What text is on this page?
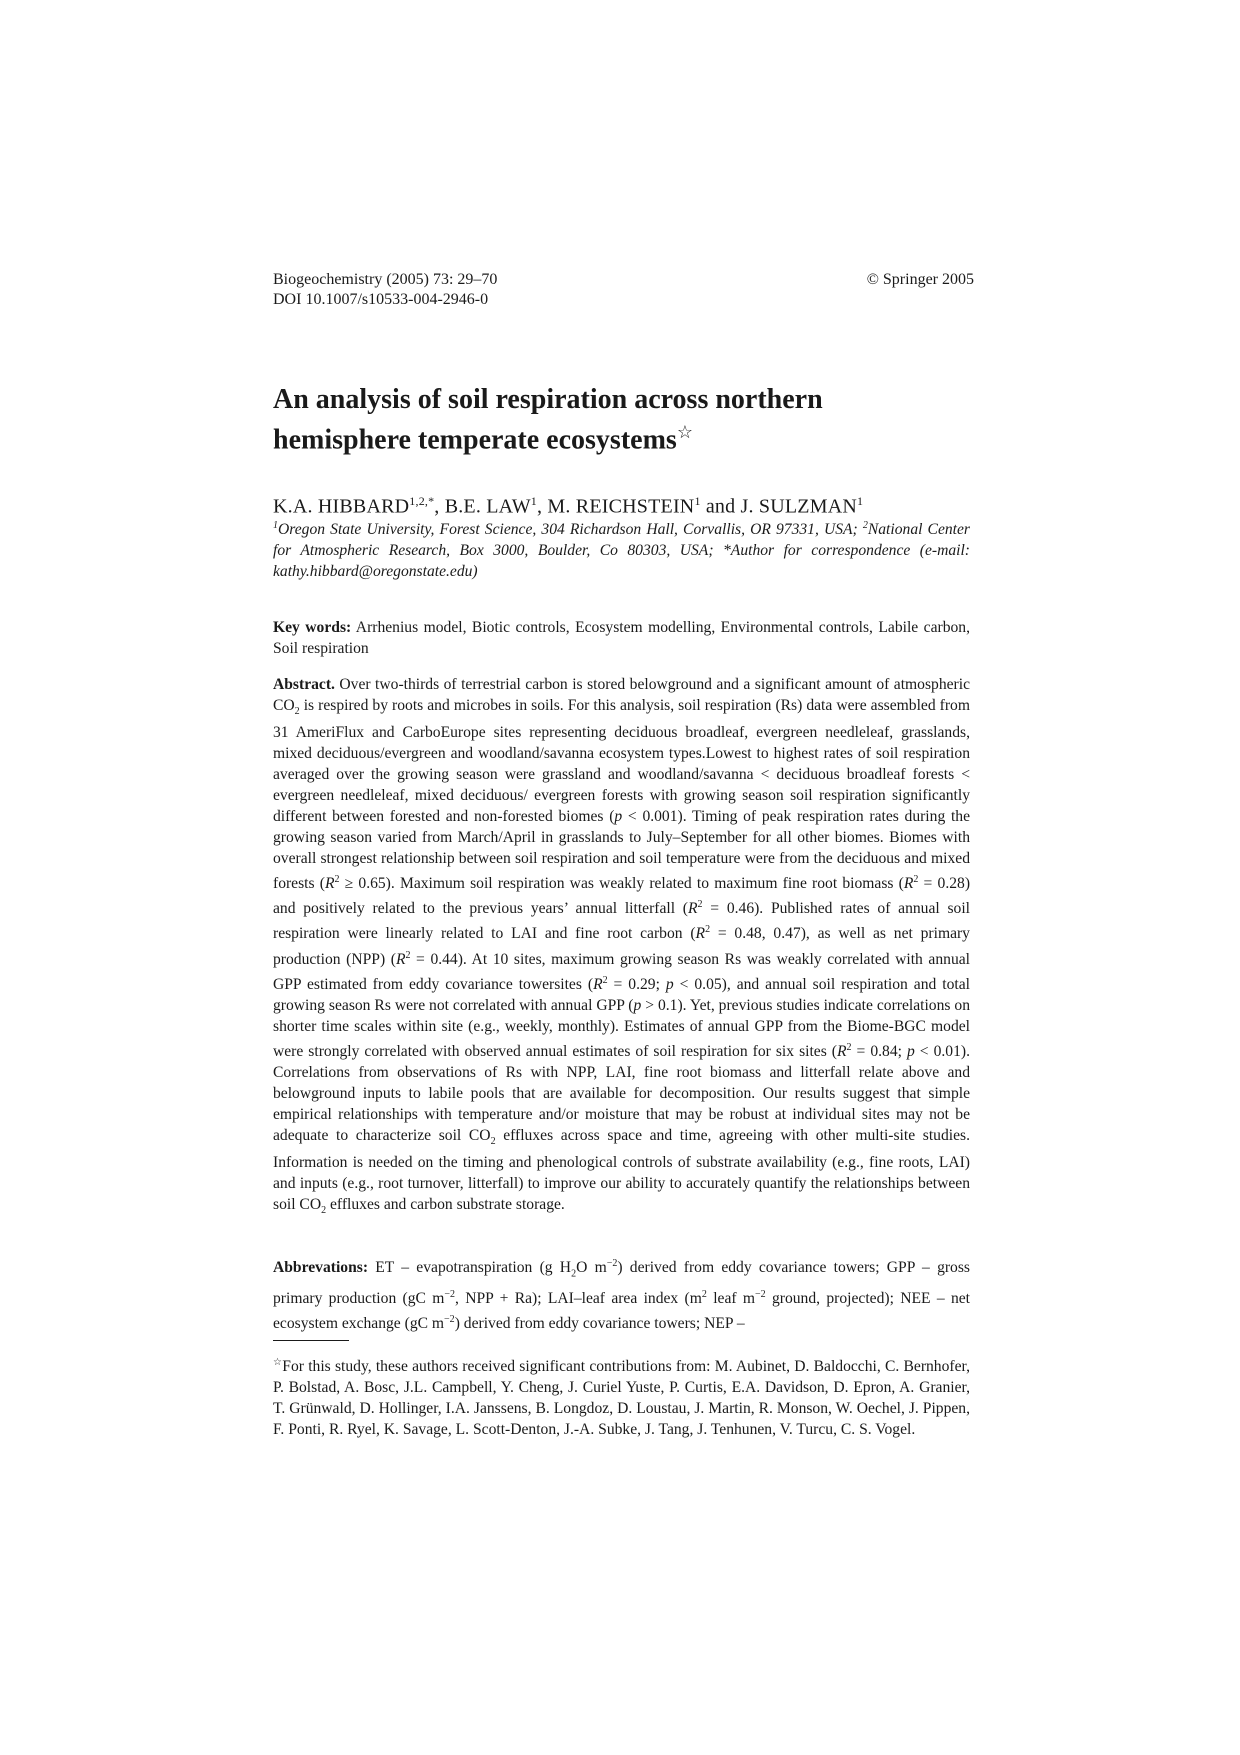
Biogeochemistry (2005) 73: 29–70
DOI 10.1007/s10533-004-2946-0
© Springer 2005
An analysis of soil respiration across northern
hemisphere temperate ecosystems☆
K.A. $HIBBARD^{1,2,*}$, B.E. LAW$^1$, M. REICHSTEIN$^1$ and J. SULZMAN$^1$
$^1$Oregon State University, Forest Science, 304 Richardson Hall, Corvallis, OR 97331, USA; $^2$National Center for Atmospheric Research, Box 3000, Boulder, Co 80303, USA; *Author for correspondence (e-mail: kathy.hibbard@oregonstate.edu)
Key words: Arrhenius model, Biotic controls, Ecosystem modelling, Environmental controls, Labile carbon, Soil respiration
Abstract. Over two-thirds of terrestrial carbon is stored belowground and a significant amount of atmospheric $CO_2$ is respired by roots and microbes in soils. For this analysis, soil respiration (Rs) data were assembled from 31 AmeriFlux and CarboEurope sites representing deciduous broadleaf, evergreen needleleaf, grasslands, mixed deciduous/evergreen and woodland/savanna ecosystem types.Lowest to highest rates of soil respiration averaged over the growing season were grassland and woodland/savanna < deciduous broadleaf forests < evergreen needleleaf, mixed deciduous/ evergreen forests with growing season soil respiration significantly different between forested and non-forested biomes (p < 0.001). Timing of peak respiration rates during the growing season varied from March/April in grasslands to July–September for all other biomes. Biomes with overall strongest relationship between soil respiration and soil temperature were from the deciduous and mixed forests $(R^2 \ge 0.65)$. Maximum soil respiration was weakly related to maximum fine root biomass $(R^2 = 0.28)$ and positively related to the previous years’ annual litterfall $(R^2 = 0.46)$. Published rates of annual soil respiration were linearly related to LAI and fine root carbon ($R^2 = 0.48$, 0.47), as well as net primary production (NPP) $(R^2 = 0.44)$. At 10 sites, maximum growing season Rs was weakly correlated with annual GPP estimated from eddy covariance towersites ($R^2 = 0.29$; p < 0.05), and annual soil respiration and total growing season Rs were not correlated with annual GPP (p > 0.1). Yet, previous studies indicate correlations on shorter time scales within site (e.g., weekly, monthly). Estimates of annual GPP from the Biome-BGC model were strongly correlated with observed annual estimates of soil respiration for six sites ($R^2 = 0.84$; p < 0.01). Correlations from observations of Rs with NPP, LAI, fine root biomass and litterfall relate above and belowground inputs to labile pools that are available for decomposition. Our results suggest that simple empirical relationships with temperature and/or moisture that may be robust at individual sites may not be adequate to characterize soil $CO_2$ effluxes across space and time, agreeing with other multi-site studies. Information is needed on the timing and phenological controls of substrate availability (e.g., fine roots, LAI) and inputs (e.g., root turnover, litterfall) to improve our ability to accurately quantify the relationships between soil $CO_2$ effluxes and carbon substrate storage.
Abbrevations: ET – evapotranspiration (g $H_2O$ $m^{-2}$) derived from eddy covariance towers; GPP – gross primary production (gC $m^{-2}$, NPP + Ra); LAI–leaf area index ($m^2$ leaf $m^{-2}$ ground, projected); NEE – net ecosystem exchange (gC $m^{-2}$) derived from eddy covariance towers; NEP –
☆For this study, these authors received significant contributions from: M. Aubinet, D. Baldocchi, C. Bernhofer, P. Bolstad, A. Bosc, J.L. Campbell, Y. Cheng, J. Curiel Yuste, P. Curtis, E.A. Davidson, D. Epron, A. Granier, T. Grünwald, D. Hollinger, I.A. Janssens, B. Longdoz, D. Loustau, J. Martin, R. Monson, W. Oechel, J. Pippen, F. Ponti, R. Ryel, K. Savage, L. Scott-Denton, J.-A. Subke, J. Tang, J. Tenhunen, V. Turcu, C. S. Vogel.
